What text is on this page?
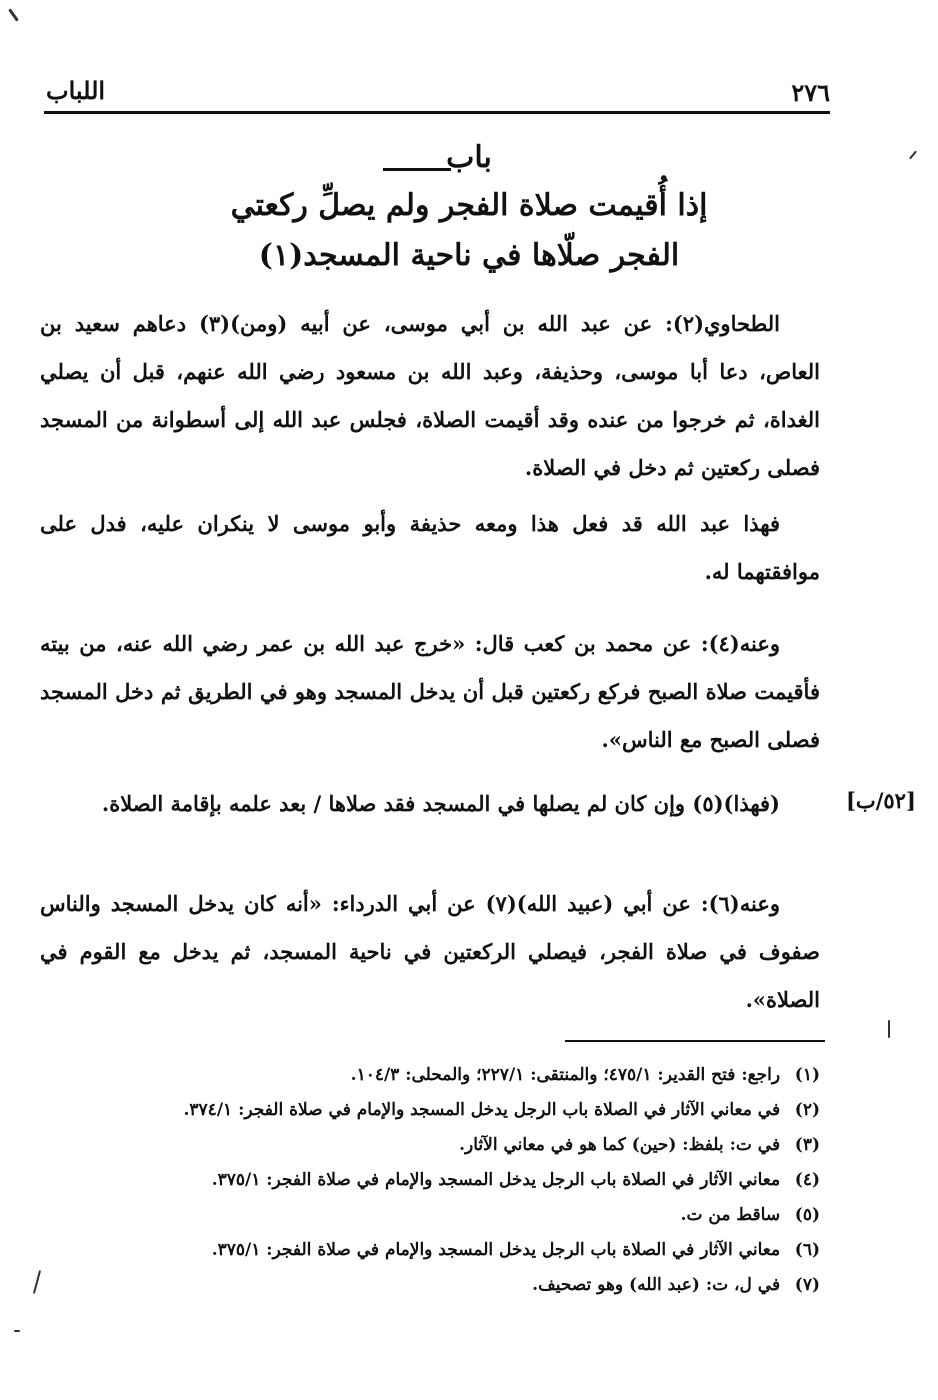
٢٧٦
اللباب
باب
إذا أُقيمت صلاة الفجر ولم يصلِّ ركعتي
الفجر صلّاها في ناحية المسجد(١)
الطحاوي(٢): عن عبد الله بن أبي موسى، عن أبيه (ومن)(٣) دعاهم سعيد بن العاص، دعا أبا موسى، وحذيفة، وعبد الله بن مسعود رضي الله عنهم، قبل أن يصلي الغداة، ثم خرجوا من عنده وقد أقيمت الصلاة، فجلس عبد الله إلى أسطوانة من المسجد فصلى ركعتين ثم دخل في الصلاة.
فهذا عبد الله قد فعل هذا ومعه حذيفة وأبو موسى لا ينكران عليه، فدل على موافقتهما له.
وعنه(٤): عن محمد بن كعب قال: «خرج عبد الله بن عمر رضي الله عنه، من بيته فأقيمت صلاة الصبح فركع ركعتين قبل أن يدخل المسجد وهو في الطريق ثم دخل المسجد فصلى الصبح مع الناس».
(فهذا)(٥) وإن كان لم يصلها في المسجد فقد صلاها / بعد علمه بإقامة الصلاة.
وعنه(٦): عن أبي (عبيد الله)(٧) عن أبي الدرداء: «أنه كان يدخل المسجد والناس صفوف في صلاة الفجر، فيصلي الركعتين في ناحية المسجد، ثم يدخل مع القوم في الصلاة».
[٥٢/ب]
(١) راجع: فتح القدير: ٤٧٥/١؛ والمنتقى: ٢٢٧/١؛ والمحلى: ١٠٤/٣.
(٢) في معاني الآثار في الصلاة باب الرجل يدخل المسجد والإمام في صلاة الفجر: ٣٧٤/١.
(٣) في ت: بلفظ: (حين) كما هو في معاني الآثار.
(٤) معاني الآثار في الصلاة باب الرجل يدخل المسجد والإمام في صلاة الفجر: ٣٧٥/١.
(٥) ساقط من ت.
(٦) معاني الآثار في الصلاة باب الرجل يدخل المسجد والإمام في صلاة الفجر: ٣٧٥/١.
(٧) في ل، ت: (عبد الله) وهو تصحيف.
